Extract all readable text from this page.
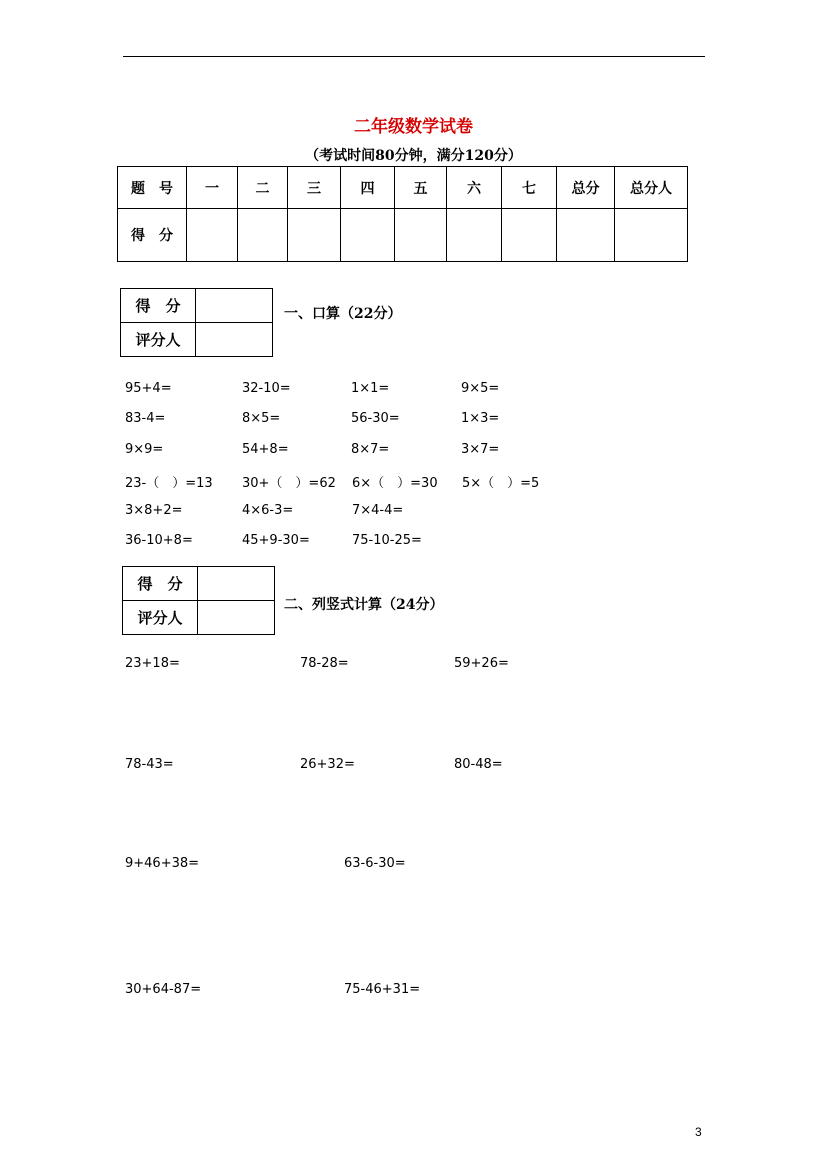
二年级数学试卷
（考试时间80分钟，满分120分）
题　号	一	二	三	四	五	六	七	总分	总分人
得　分									
得　分	
评分人	
一、口算（22分）
95+4=	32-10=	1×1=	9×5=
83-4=	8×5=	56-30=	1×3=
9×9=	54+8=	8×7=	3×7=
23-（　）=13 30+（　）=62 6×（　）=30 5×（　）=5
3×8+2=	4×6-3=	7×4-4=
36-10+8=	45+9-30=	75-10-25=
得　分	
评分人	
二、列竖式计算（24分）
23+18=	78-28=	59+26=
78-43=	26+32=	80-48=
9+46+38=	63-6-30=
30+64-87=	75-46+31=
3
